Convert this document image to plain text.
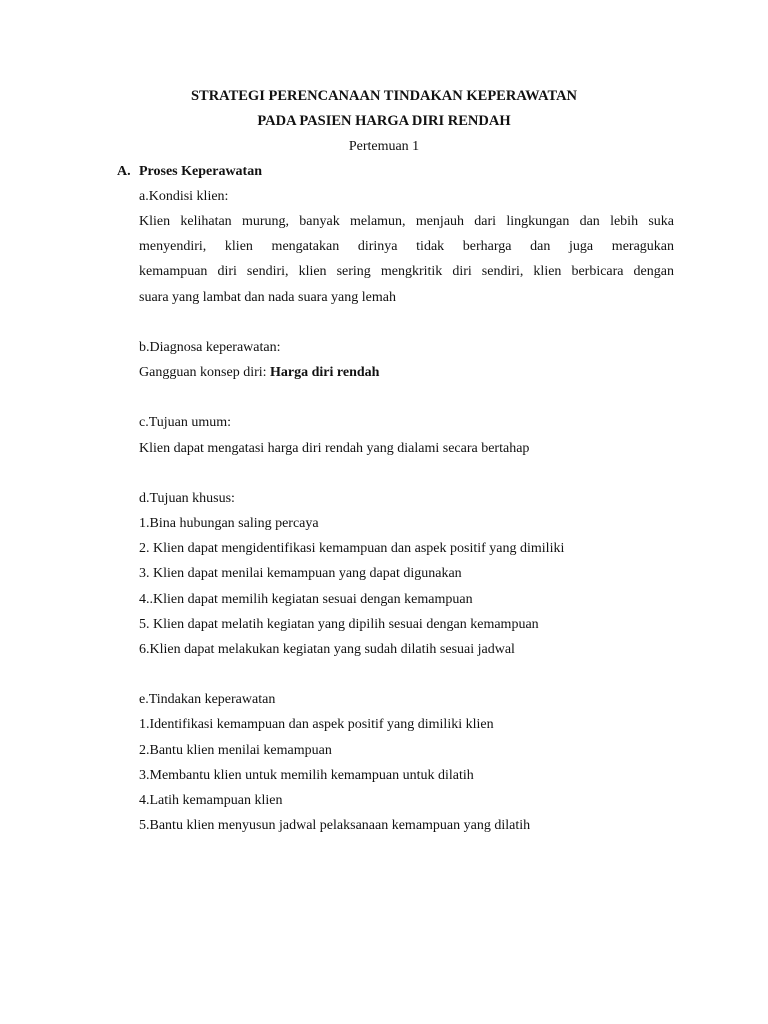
STRATEGI PERENCANAAN TINDAKAN KEPERAWATAN
PADA PASIEN HARGA DIRI RENDAH
Pertemuan 1
A. Proses Keperawatan
a.Kondisi klien:
Klien kelihatan murung, banyak melamun, menjauh dari lingkungan dan lebih suka
menyendiri, klien mengatakan dirinya tidak berharga dan juga meragukan
kemampuan diri sendiri, klien sering mengkritik diri sendiri, klien berbicara dengan
suara yang lambat dan nada suara yang lemah
b.Diagnosa keperawatan:
Gangguan konsep diri: Harga diri rendah
c.Tujuan umum:
Klien dapat mengatasi harga diri rendah yang dialami secara bertahap
d.Tujuan khusus:
1.Bina hubungan saling percaya
2. Klien dapat mengidentifikasi kemampuan dan aspek positif yang dimiliki
3. Klien dapat menilai kemampuan yang dapat digunakan
4..Klien dapat memilih kegiatan sesuai dengan kemampuan
5. Klien dapat melatih kegiatan yang dipilih sesuai dengan kemampuan
6.Klien dapat melakukan kegiatan yang sudah dilatih sesuai jadwal
e.Tindakan keperawatan
1.Identifikasi kemampuan dan aspek positif yang dimiliki klien
2.Bantu klien menilai kemampuan
3.Membantu klien untuk memilih kemampuan untuk dilatih
4.Latih kemampuan klien
5.Bantu klien menyusun jadwal pelaksanaan kemampuan yang dilatih
